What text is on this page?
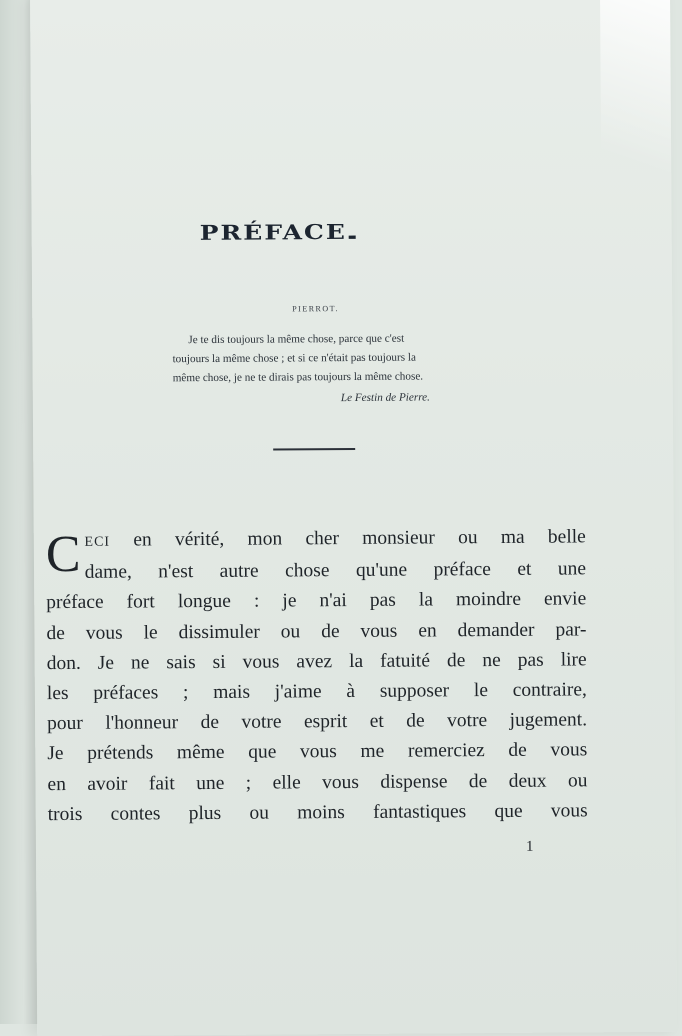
PRÉFACE
PIERROT.
Je te dis toujours la même chose, parce que c'est
toujours la même chose ; et si ce n'était pas toujours la
même chose, je ne te dirais pas toujours la même chose.
Le Festin de Pierre.
C ECI en vérité, mon cher monsieur ou ma belle
dame, n'est autre chose qu'une préface et une
préface fort longue : je n'ai pas la moindre envie
de vous le dissimuler ou de vous en demander par-
don. Je ne sais si vous avez la fatuité de ne pas lire
les préfaces ; mais j'aime à supposer le contraire,
pour l'honneur de votre esprit et de votre jugement.
Je prétends même que vous me remerciez de vous
en avoir fait une ; elle vous dispense de deux ou
trois contes plus ou moins fantastiques que vous
1
